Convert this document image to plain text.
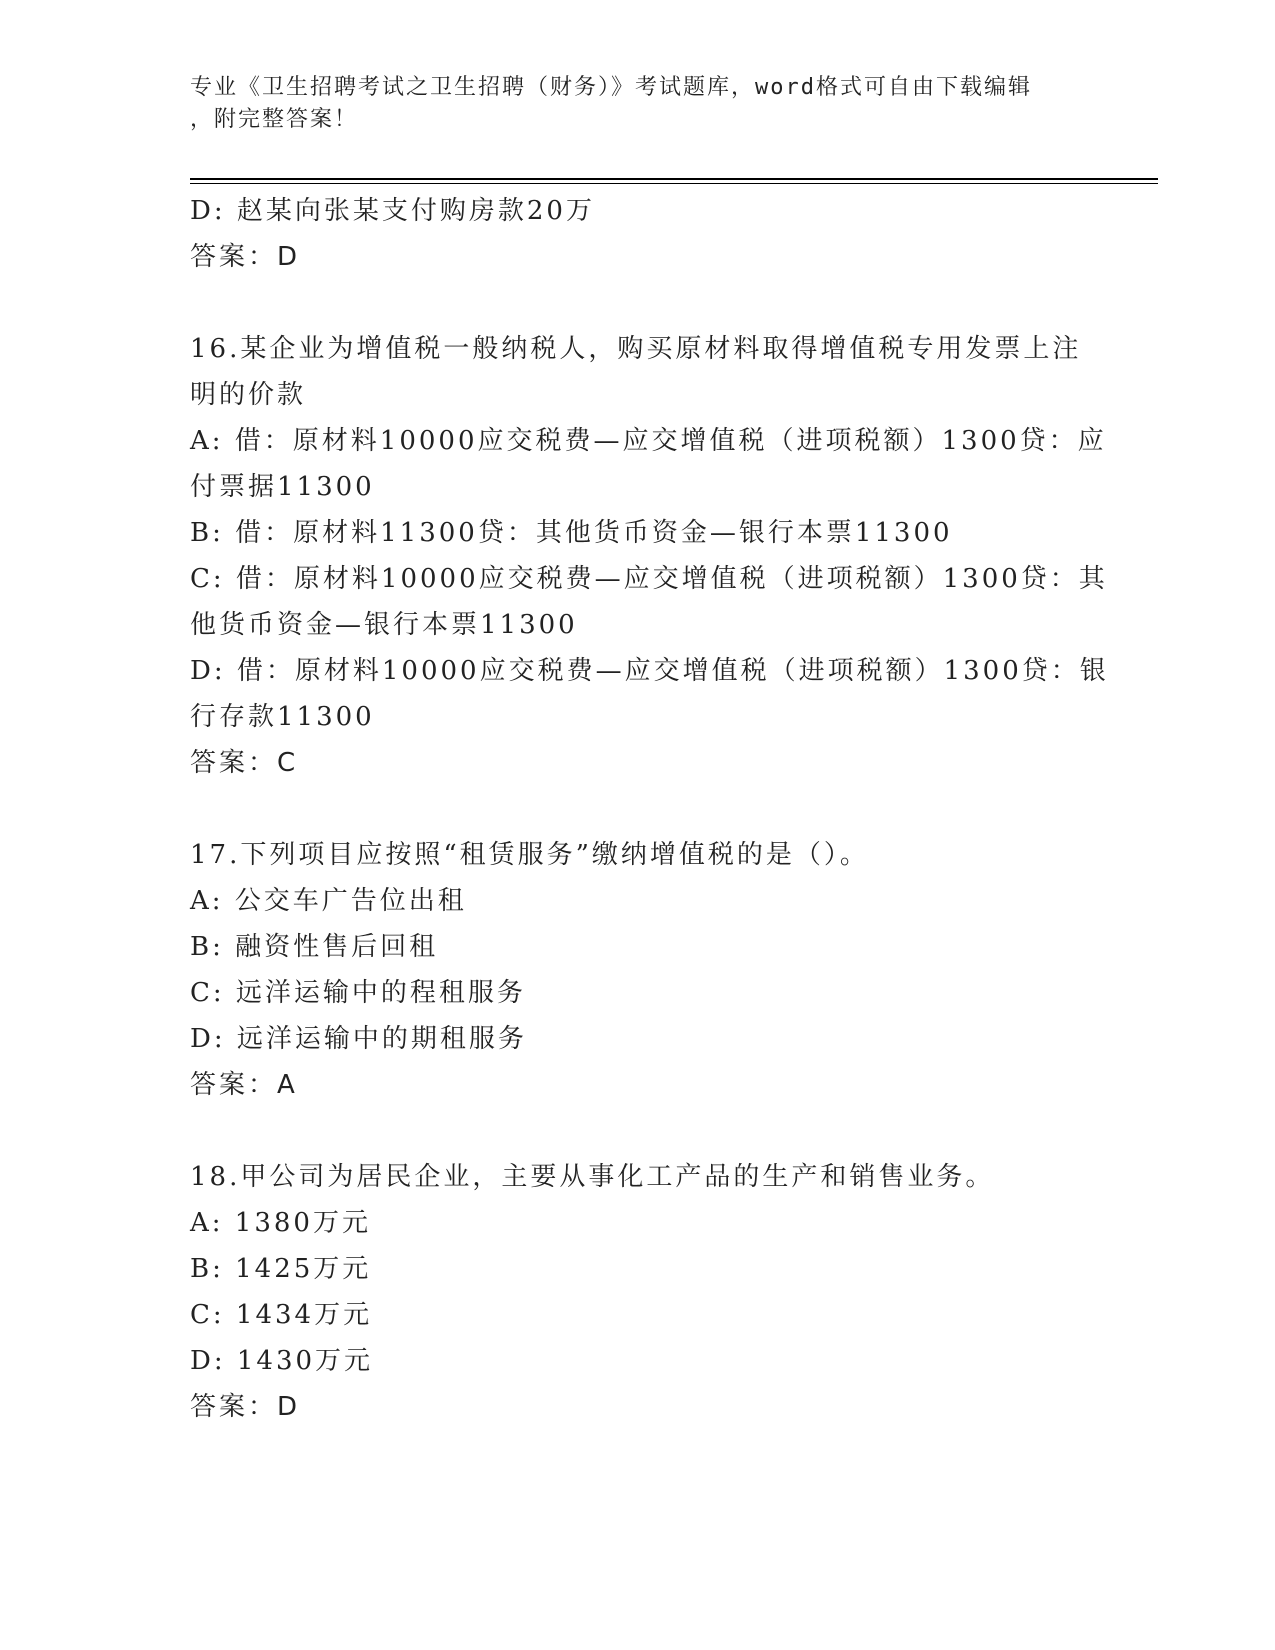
专业《卫生招聘考试之卫生招聘（财务）》考试题库，word格式可自由下载编辑
，附完整答案！
D: 赵某向张某支付购房款20万
答案：D
16.某企业为增值税一般纳税人，购买原材料取得增值税专用发票上注
明的价款
A: 借：原材料10000应交税费—应交增值税（进项税额）1300贷：应
付票据11300
B: 借：原材料11300贷：其他货币资金—银行本票11300
C: 借：原材料10000应交税费—应交增值税（进项税额）1300贷：其
他货币资金—银行本票11300
D: 借：原材料10000应交税费—应交增值税（进项税额）1300贷：银
行存款11300
答案：C
17.下列项目应按照“租赁服务”缴纳增值税的是（）。
A: 公交车广告位出租
B: 融资性售后回租
C: 远洋运输中的程租服务
D: 远洋运输中的期租服务
答案：A
18.甲公司为居民企业，主要从事化工产品的生产和销售业务。
A: 1380万元
B: 1425万元
C: 1434万元
D: 1430万元
答案：D
